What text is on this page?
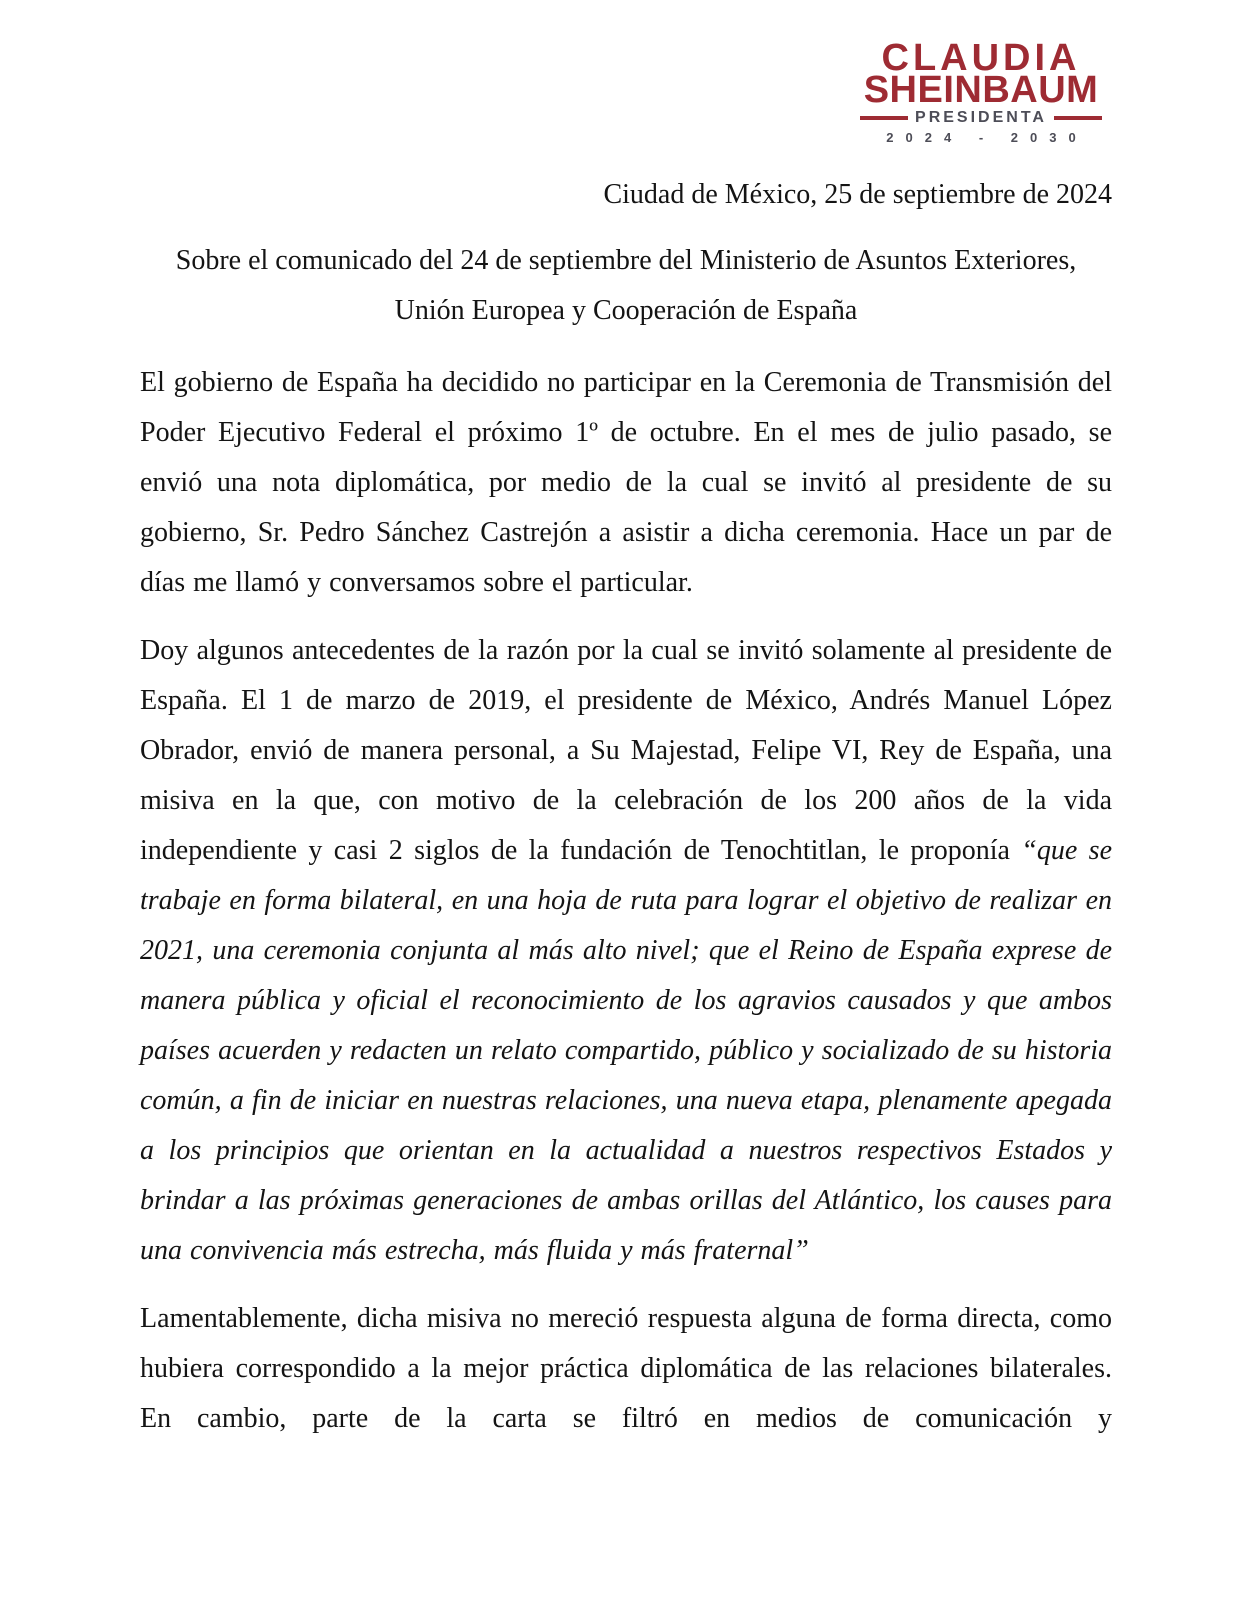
CLAUDIA
SHEINBAUM
PRESIDENTA
2024 - 2030
Ciudad de México, 25 de septiembre de 2024
Sobre el comunicado del 24 de septiembre del Ministerio de Asuntos Exteriores,
Unión Europea y Cooperación de España

El gobierno de España ha decidido no participar en la Ceremonia de Transmisión del Poder Ejecutivo Federal el próximo 1º de octubre. En el mes de julio pasado, se envió una nota diplomática, por medio de la cual se invitó al presidente de su gobierno, Sr. Pedro Sánchez Castrejón a asistir a dicha ceremonia. Hace un par de días me llamó y conversamos sobre el particular.

Doy algunos antecedentes de la razón por la cual se invitó solamente al presidente de España. El 1 de marzo de 2019, el presidente de México, Andrés Manuel López Obrador, envió de manera personal, a Su Majestad, Felipe VI, Rey de España, una misiva en la que, con motivo de la celebración de los 200 años de la vida independiente y casi 2 siglos de la fundación de Tenochtitlan, le proponía “que se trabaje en forma bilateral, en una hoja de ruta para lograr el objetivo de realizar en 2021, una ceremonia conjunta al más alto nivel; que el Reino de España exprese de manera pública y oficial el reconocimiento de los agravios causados y que ambos países acuerden y redacten un relato compartido, público y socializado de su historia común, a fin de iniciar en nuestras relaciones, una nueva etapa, plenamente apegada a los principios que orientan en la actualidad a nuestros respectivos Estados y brindar a las próximas generaciones de ambas orillas del Atlántico, los causes para una convivencia más estrecha, más fluida y más fraternal”

Lamentablemente, dicha misiva no mereció respuesta alguna de forma directa, como hubiera correspondido a la mejor práctica diplomática de las relaciones bilaterales. En cambio, parte de la carta se filtró en medios de comunicación y
